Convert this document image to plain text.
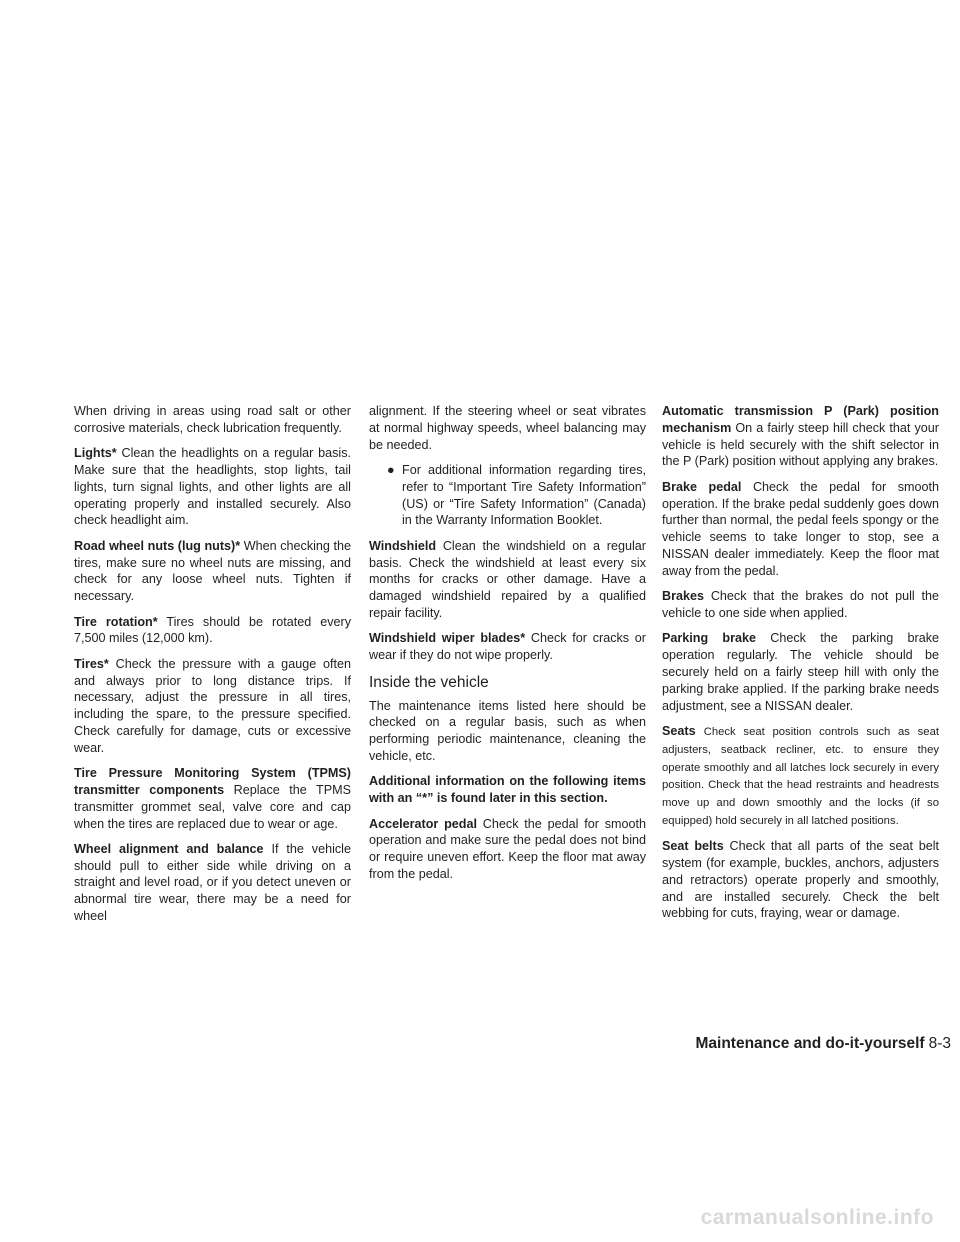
When driving in areas using road salt or other corrosive materials, check lubrication frequently.

Lights* Clean the headlights on a regular basis. Make sure that the headlights, stop lights, tail lights, turn signal lights, and other lights are all operating properly and installed securely. Also check headlight aim.

Road wheel nuts (lug nuts)* When checking the tires, make sure no wheel nuts are missing, and check for any loose wheel nuts. Tighten if necessary.

Tire rotation* Tires should be rotated every 7,500 miles (12,000 km).

Tires* Check the pressure with a gauge often and always prior to long distance trips. If necessary, adjust the pressure in all tires, including the spare, to the pressure specified. Check carefully for damage, cuts or excessive wear.

Tire Pressure Monitoring System (TPMS) transmitter components Replace the TPMS transmitter grommet seal, valve core and cap when the tires are replaced due to wear or age.

Wheel alignment and balance If the vehicle should pull to either side while driving on a straight and level road, or if you detect uneven or abnormal tire wear, there may be a need for wheel

alignment. If the steering wheel or seat vibrates at normal highway speeds, wheel balancing may be needed.

● For additional information regarding tires, refer to “Important Tire Safety Information” (US) or “Tire Safety Information” (Canada) in the Warranty Information Booklet.

Windshield Clean the windshield on a regular basis. Check the windshield at least every six months for cracks or other damage. Have a damaged windshield repaired by a qualified repair facility.

Windshield wiper blades* Check for cracks or wear if they do not wipe properly.

Inside the vehicle

The maintenance items listed here should be checked on a regular basis, such as when performing periodic maintenance, cleaning the vehicle, etc.

Additional information on the following items with an “*” is found later in this section.

Accelerator pedal Check the pedal for smooth operation and make sure the pedal does not bind or require uneven effort. Keep the floor mat away from the pedal.

Automatic transmission P (Park) position mechanism On a fairly steep hill check that your vehicle is held securely with the shift selector in the P (Park) position without applying any brakes.

Brake pedal Check the pedal for smooth operation. If the brake pedal suddenly goes down further than normal, the pedal feels spongy or the vehicle seems to take longer to stop, see a NISSAN dealer immediately. Keep the floor mat away from the pedal.

Brakes Check that the brakes do not pull the vehicle to one side when applied.

Parking brake Check the parking brake operation regularly. The vehicle should be securely held on a fairly steep hill with only the parking brake applied. If the parking brake needs adjustment, see a NISSAN dealer.

Seats Check seat position controls such as seat adjusters, seatback recliner, etc. to ensure they operate smoothly and all latches lock securely in every position. Check that the head restraints and headrests move up and down smoothly and the locks (if so equipped) hold securely in all latched positions.

Seat belts Check that all parts of the seat belt system (for example, buckles, anchors, adjusters and retractors) operate properly and smoothly, and are installed securely. Check the belt webbing for cuts, fraying, wear or damage.

Maintenance and do-it-yourself 8-3
carmanualsonline.info
